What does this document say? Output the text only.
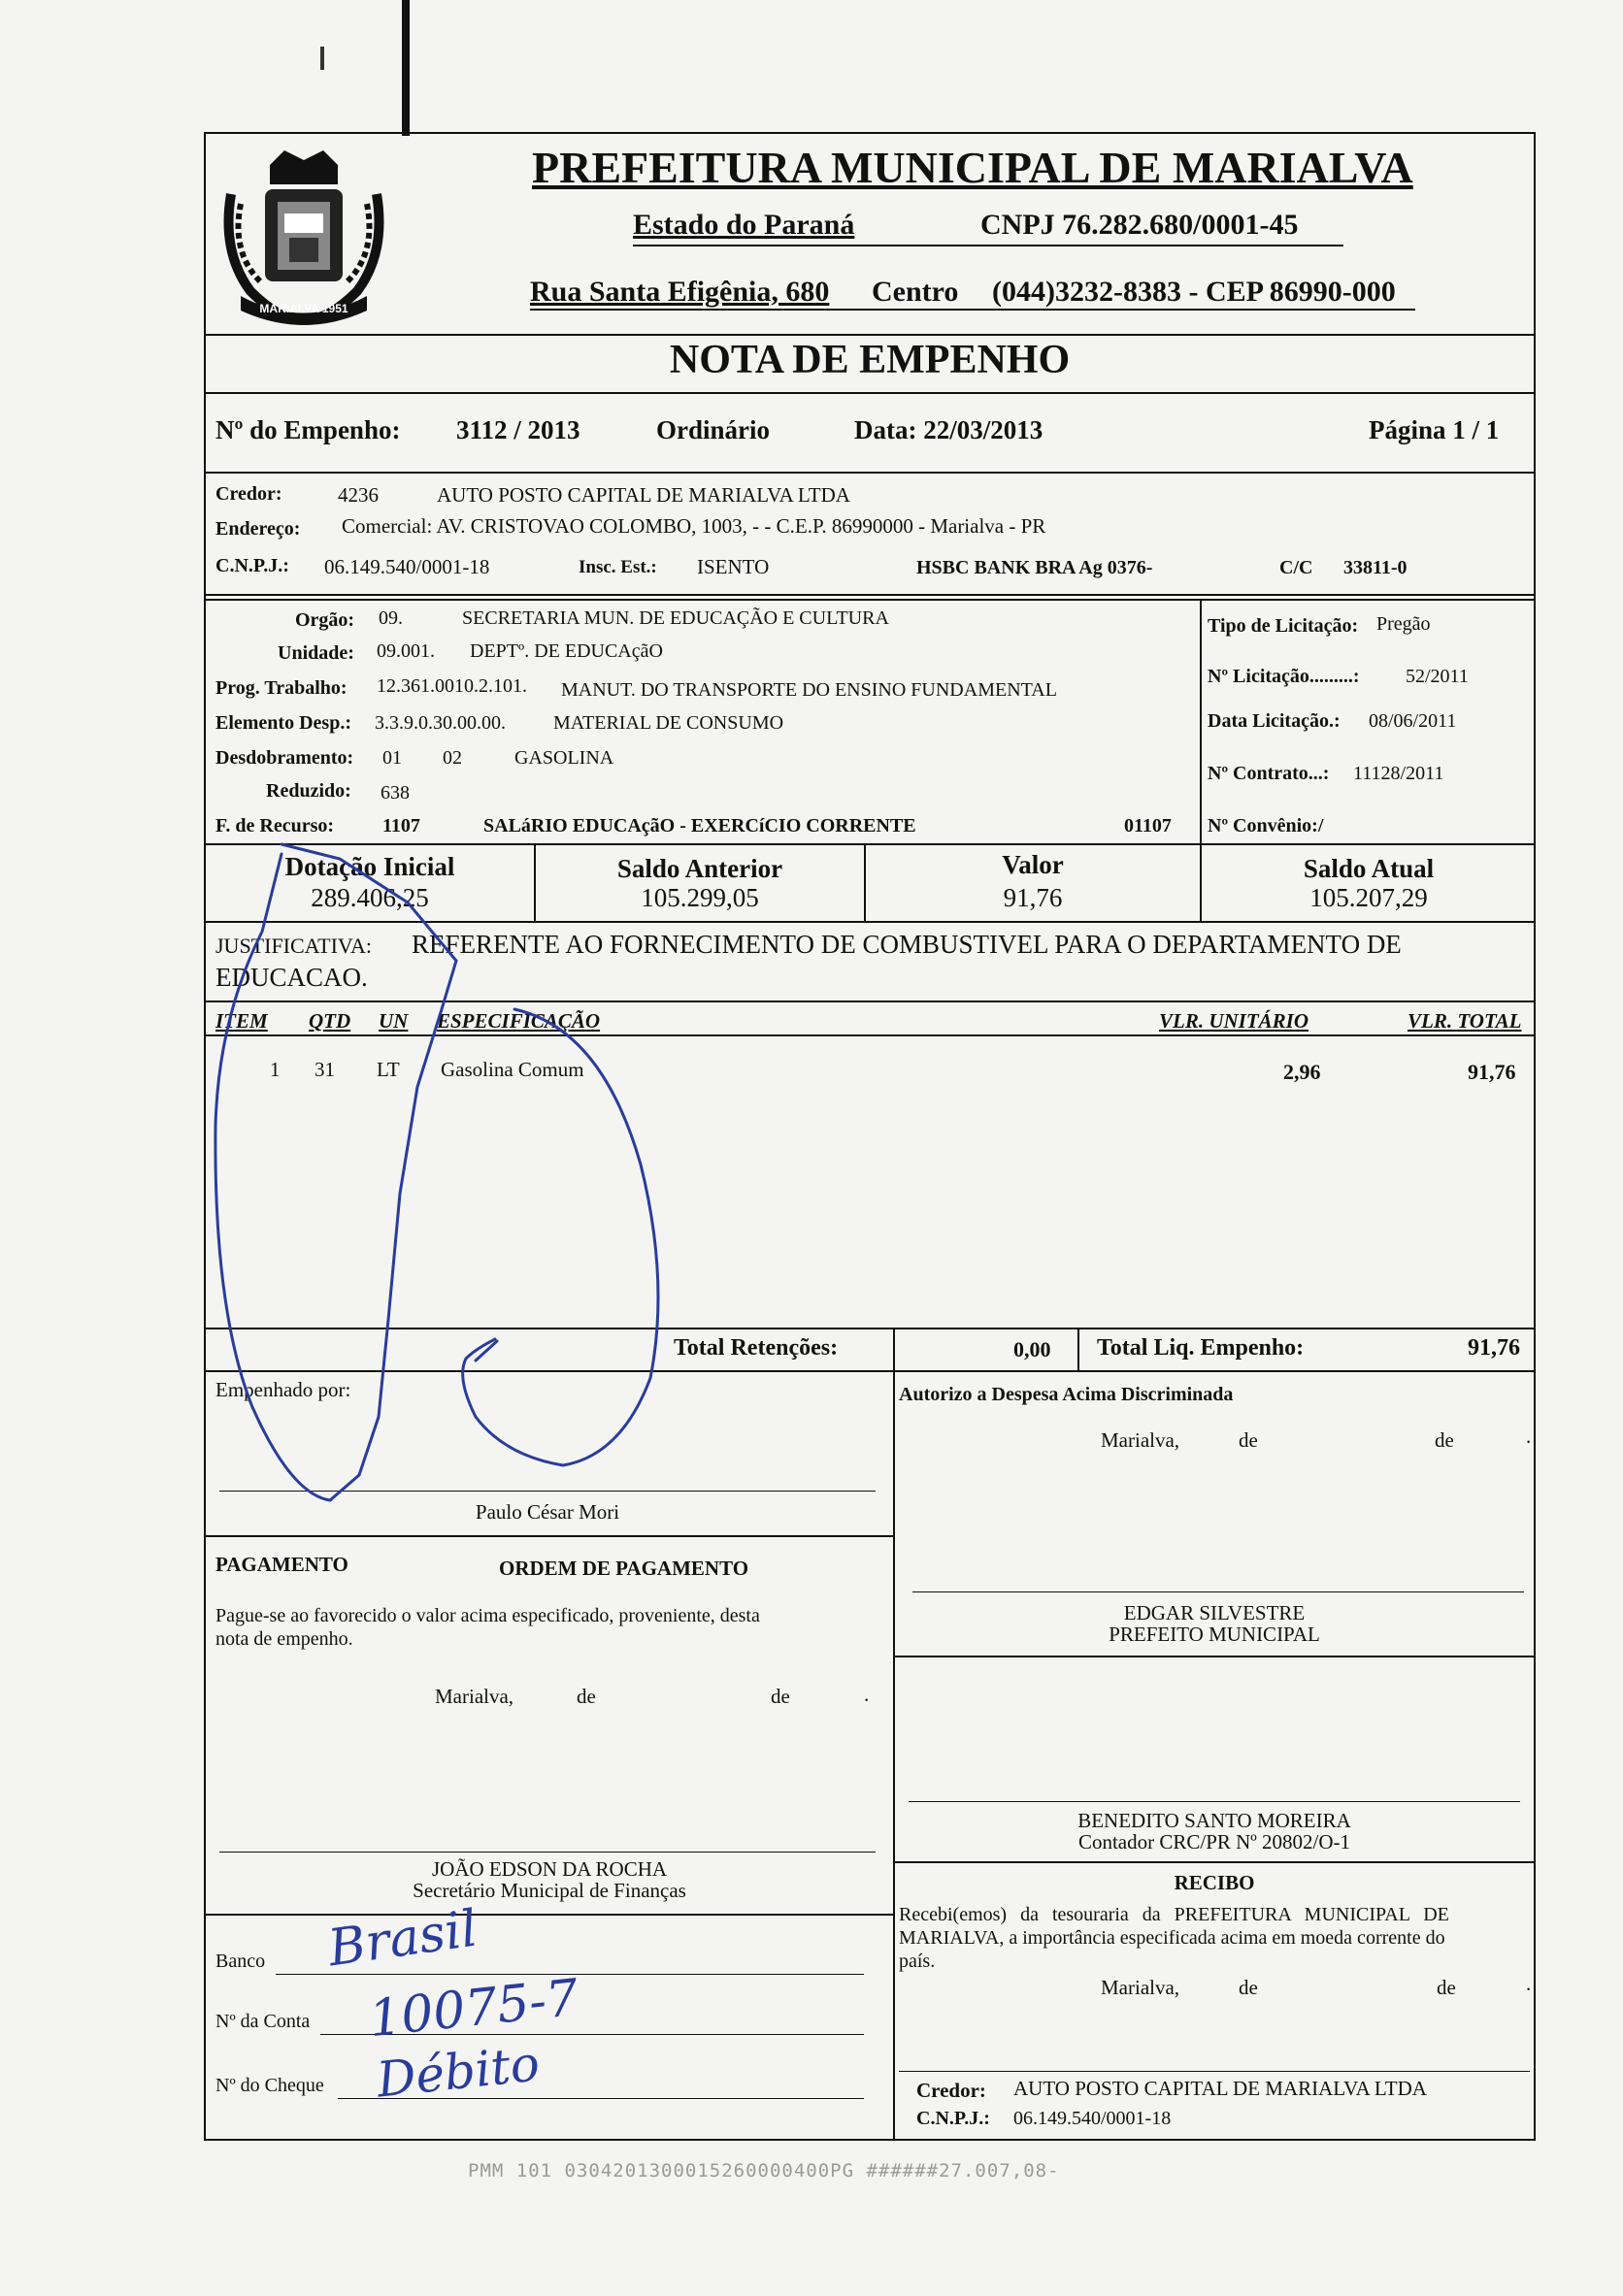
MARIALVA 1951
PREFEITURA MUNICIPAL DE MARIALVA
Estado do Paraná	CNPJ 76.282.680/0001-45
Rua Santa Efigênia, 680 Centro (044)3232-8383 - CEP 86990-000
NOTA DE EMPENHO
Nº do Empenho: 3112 / 2013	Ordinário	Data: 22/03/2013	Página 1 / 1
Credor:	4236	AUTO POSTO CAPITAL DE MARIALVA LTDA
Endereço: Comercial: AV. CRISTOVAO COLOMBO, 1003, - - C.E.P. 86990000 - Marialva - PR
C.N.P.J.: 06.149.540/0001-18	Insc. Est.: ISENTO	HSBC BANK BRA Ag 0376-	C/C 33811-0
Orgão: 09.	SECRETARIA MUN. DE EDUCAÇÃO E CULTURA
Unidade: 09.001. DEPTº. DE EDUCAçãO
Prog. Trabalho: 12.361.0010.2.101. MANUT. DO TRANSPORTE DO ENSINO FUNDAMENTAL
Elemento Desp.: 3.3.9.0.30.00.00. MATERIAL DE CONSUMO
Desdobramento: 01 02	GASOLINA
Reduzido: 638
F. de Recurso: 1107	SALáRIO EDUCAçãO - EXERCíCIO CORRENTE	01107
Tipo de Licitação: Pregão
Nº Licitação.........: 52/2011
Data Licitação.: 08/06/2011
Nº Contrato...: 11128/2011
Nº Convênio:/
Dotação Inicial
289.406,25
Saldo Anterior
105.299,05
Valor
91,76
Saldo Atual
105.207,29
JUSTIFICATIVA: REFERENTE AO FORNECIMENTO DE COMBUSTIVEL PARA O DEPARTAMENTO DE
EDUCACAO.
ITEM QTD UN ESPECIFICAÇÃO	VLR. UNITÁRIO	VLR. TOTAL
1 31 LT Gasolina Comum	2,96	91,76
Total Retenções:	0,00 Total Liq. Empenho:	91,76
Empenhado por:
Paulo César Mori
Autorizo a Despesa Acima Discriminada
Marialva,	de	de	.
EDGAR SILVESTRE
PREFEITO MUNICIPAL
BENEDITO SANTO MOREIRA
Contador CRC/PR Nº 20802/O-1
PAGAMENTO	ORDEM DE PAGAMENTO
Pague-se ao favorecido o valor acima especificado, proveniente, desta
nota de empenho.
Marialva,	de	de	.
JOÃO EDSON DA ROCHA
Secretário Municipal de Finanças	RECIBO
Recebi(emos) da tesouraria da PREFEITURA MUNICIPAL DE
MARIALVA, a importância especificada acima em moeda corrente do
país.
Marialva,	de	de	.
Credor: AUTO POSTO CAPITAL DE MARIALVA LTDA
C.N.P.J.: 06.149.540/0001-18
Banco
Nº da Conta
Nº do Cheque
Brasil
10075-7
Débito
PMM 101 0304201300015260000400PG ######27.007,08-
